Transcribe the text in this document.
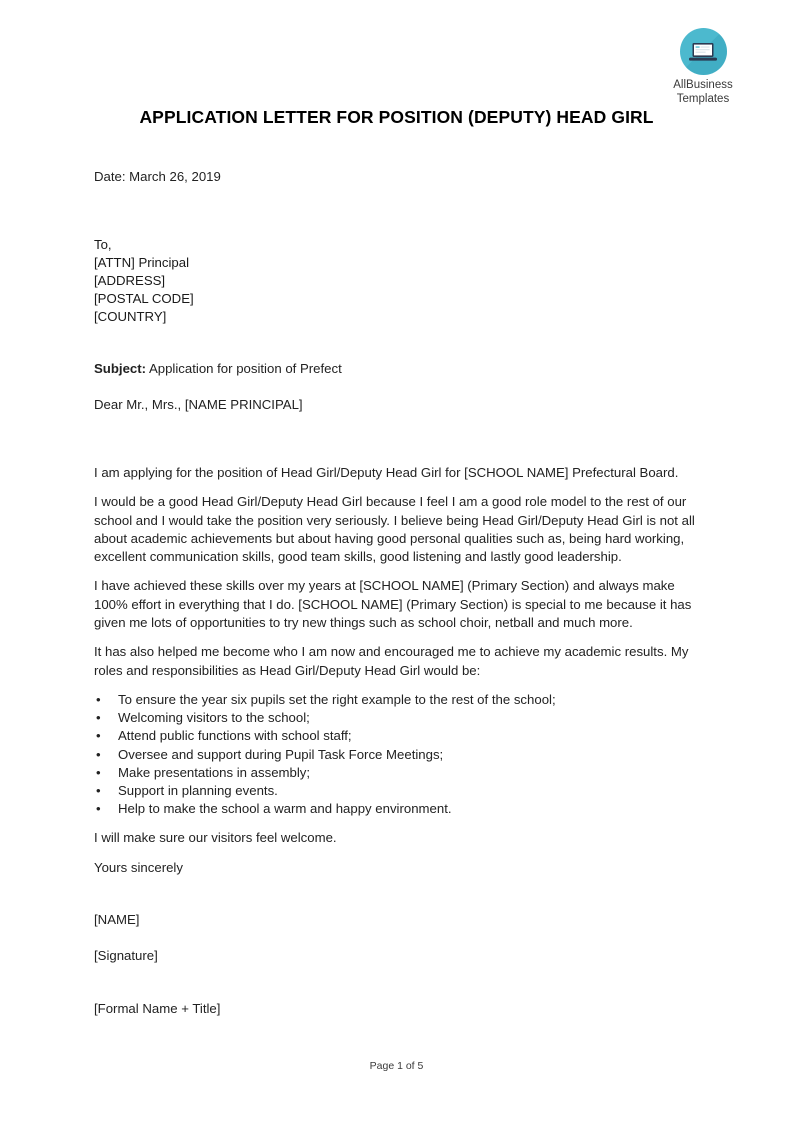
AllBusiness
Templates
APPLICATION LETTER FOR POSITION (DEPUTY) HEAD GIRL
Date: March 26, 2019
To,
[ATTN] Principal
[ADDRESS]
[POSTAL CODE]
[COUNTRY]
Subject: Application for position of Prefect
Dear Mr., Mrs., [NAME PRINCIPAL]

I am applying for the position of Head Girl/Deputy Head Girl for [SCHOOL NAME] Prefectural Board.

I would be a good Head Girl/Deputy Head Girl because I feel I am a good role model to the rest of our school and I would take the position very seriously. I believe being Head Girl/Deputy Head Girl is not all about academic achievements but about having good personal qualities such as, being hard working, excellent communication skills, good team skills, good listening and lastly good leadership.

I have achieved these skills over my years at [SCHOOL NAME] (Primary Section) and always make 100% effort in everything that I do. [SCHOOL NAME] (Primary Section) is special to me because it has given me lots of opportunities to try new things such as school choir, netball and much more.

It has also helped me become who I am now and encouraged me to achieve my academic results. My roles and responsibilities as Head Girl/Deputy Head Girl would be:

• To ensure the year six pupils set the right example to the rest of the school;
• Welcoming visitors to the school;
• Attend public functions with school staff;
• Oversee and support during Pupil Task Force Meetings;
• Make presentations in assembly;
• Support in planning events.
• Help to make the school a warm and happy environment.

I will make sure our visitors feel welcome.

Yours sincerely

[NAME]

[Signature]

[Formal Name + Title]

Page 1 of 5
